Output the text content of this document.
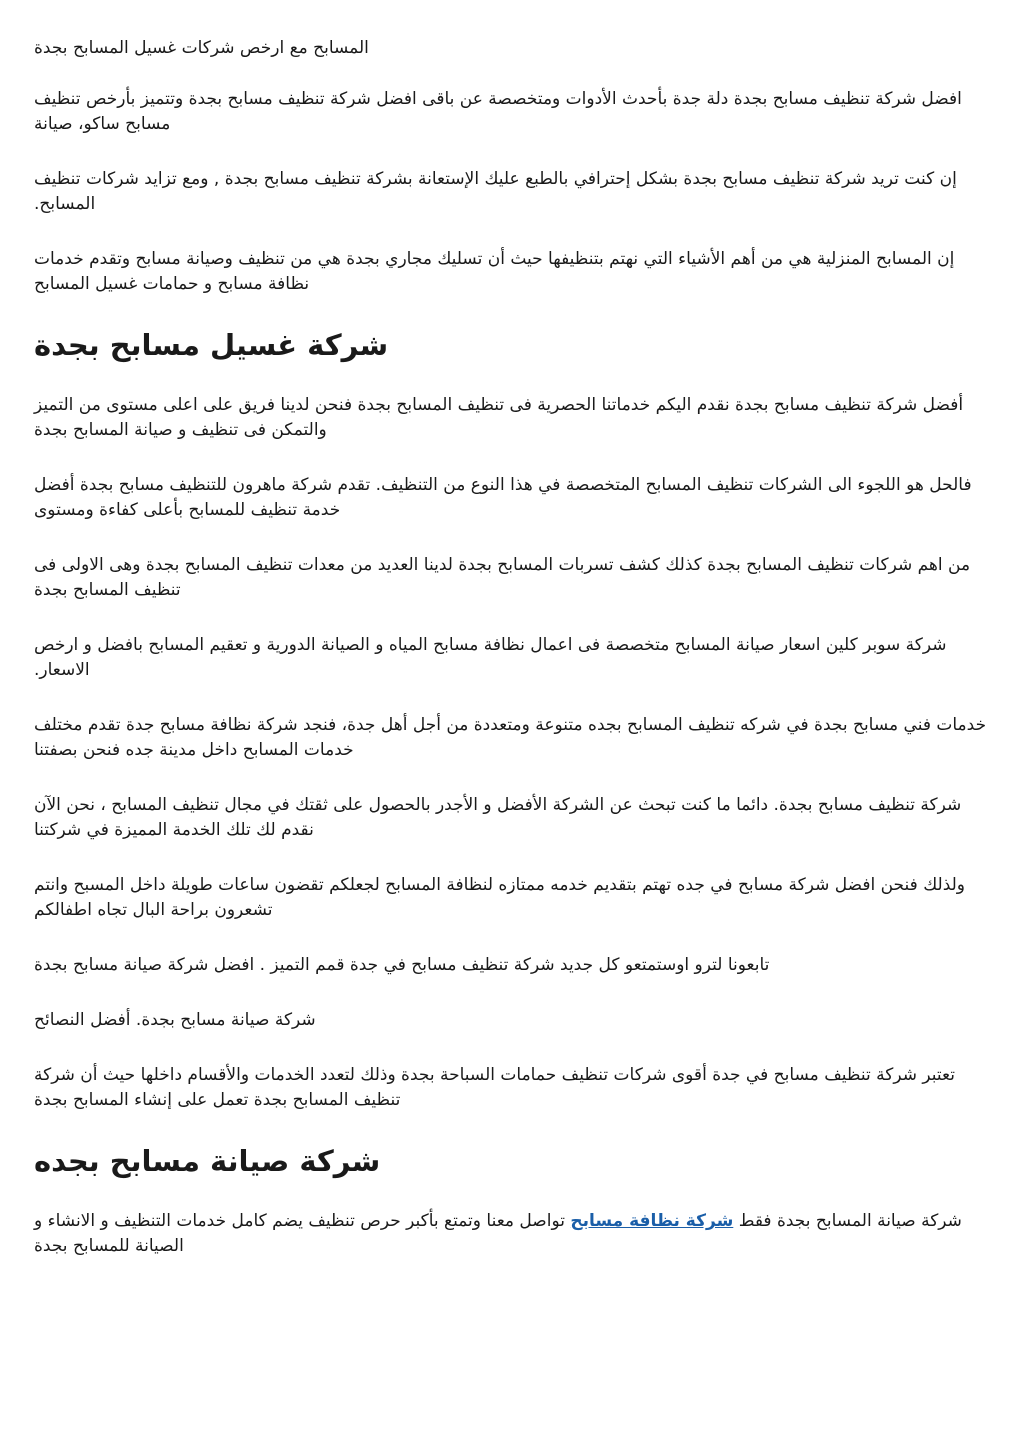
المسابح مع ارخص شركات غسيل المسابح بجدة

افضل شركة تنظيف مسابح بجدة دلة جدة بأحدث الأدوات ومتخصصة عن باقى افضل شركة تنظيف مسابح بجدة وتتميز بأرخص تنظيف مسابح ساكو، صيانة

إن كنت تريد شركة تنظيف مسابح بجدة بشكل إحترافي بالطبع عليك الإستعانة بشركة تنظيف مسابح بجدة , ومع تزايد شركات تنظيف المسابح.

إن المسابح المنزلية هي من أهم الأشياء التي نهتم بتنظيفها حيث أن تسليك مجاري بجدة هي من تنظيف وصيانة مسابح وتقدم خدمات نظافة مسابح و حمامات غسيل المسابح

شركة غسيل مسابح بجدة

أفضل شركة تنظيف مسابح بجدة نقدم اليكم خدماتنا الحصرية فى تنظيف المسابح بجدة فنحن لدينا فريق على اعلى مستوى من التميز والتمكن فى تنظيف و صيانة المسابح بجدة

فالحل هو اللجوء الى الشركات تنظيف المسابح المتخصصة في هذا النوع من التنظيف. تقدم شركة ماهرون للتنظيف مسابح بجدة أفضل خدمة تنظيف للمسابح بأعلى كفاءة ومستوى

من اهم شركات تنظيف المسابح بجدة كذلك كشف تسربات المسابح بجدة لدينا العديد من معدات تنظيف المسابح بجدة وهى الاولى فى تنظيف المسابح بجدة

شركة سوبر كلين اسعار صيانة المسابح متخصصة فى اعمال نظافة مسابح المياه و الصيانة الدورية و تعقيم المسابح بافضل و ارخص الاسعار.

خدمات فني مسابح بجدة في شركه تنظيف المسابح بجده متنوعة ومتعددة من أجل أهل جدة، فنجد شركة نظافة مسابح جدة تقدم مختلف خدمات المسابح داخل مدينة جده فنحن بصفتنا

شركة تنظيف مسابح بجدة. دائما ما كنت تبحث عن الشركة الأفضل و الأجدر بالحصول على ثقتك في مجال تنظيف المسابح ، نحن الآن نقدم لك تلك الخدمة المميزة في شركتنا

ولذلك فنحن افضل شركة مسابح في جده تهتم بتقديم خدمه ممتازه لنظافة المسابح لجعلكم تقضون ساعات طويلة داخل المسبح وانتم تشعرون براحة البال تجاه اطفالكم

تابعونا لترو اوستمتعو كل جديد شركة تنظيف مسابح في جدة قمم التميز . افضل شركة صيانة مسابح بجدة

شركة صيانة مسابح بجدة. أفضل النصائح

تعتبر شركة تنظيف مسابح في جدة أقوى شركات تنظيف حمامات السباحة بجدة وذلك لتعدد الخدمات والأقسام داخلها حيث أن شركة تنظيف المسابح بجدة تعمل على إنشاء المسابح بجدة

شركة صيانة مسابح بجده

شركة صيانة المسابح بجدة فقط شركة نظافة مسابح تواصل معنا وتمتع بأكبر حرص تنظيف يضم كامل خدمات التنظيف و الانشاء و الصيانة للمسابح بجدة
